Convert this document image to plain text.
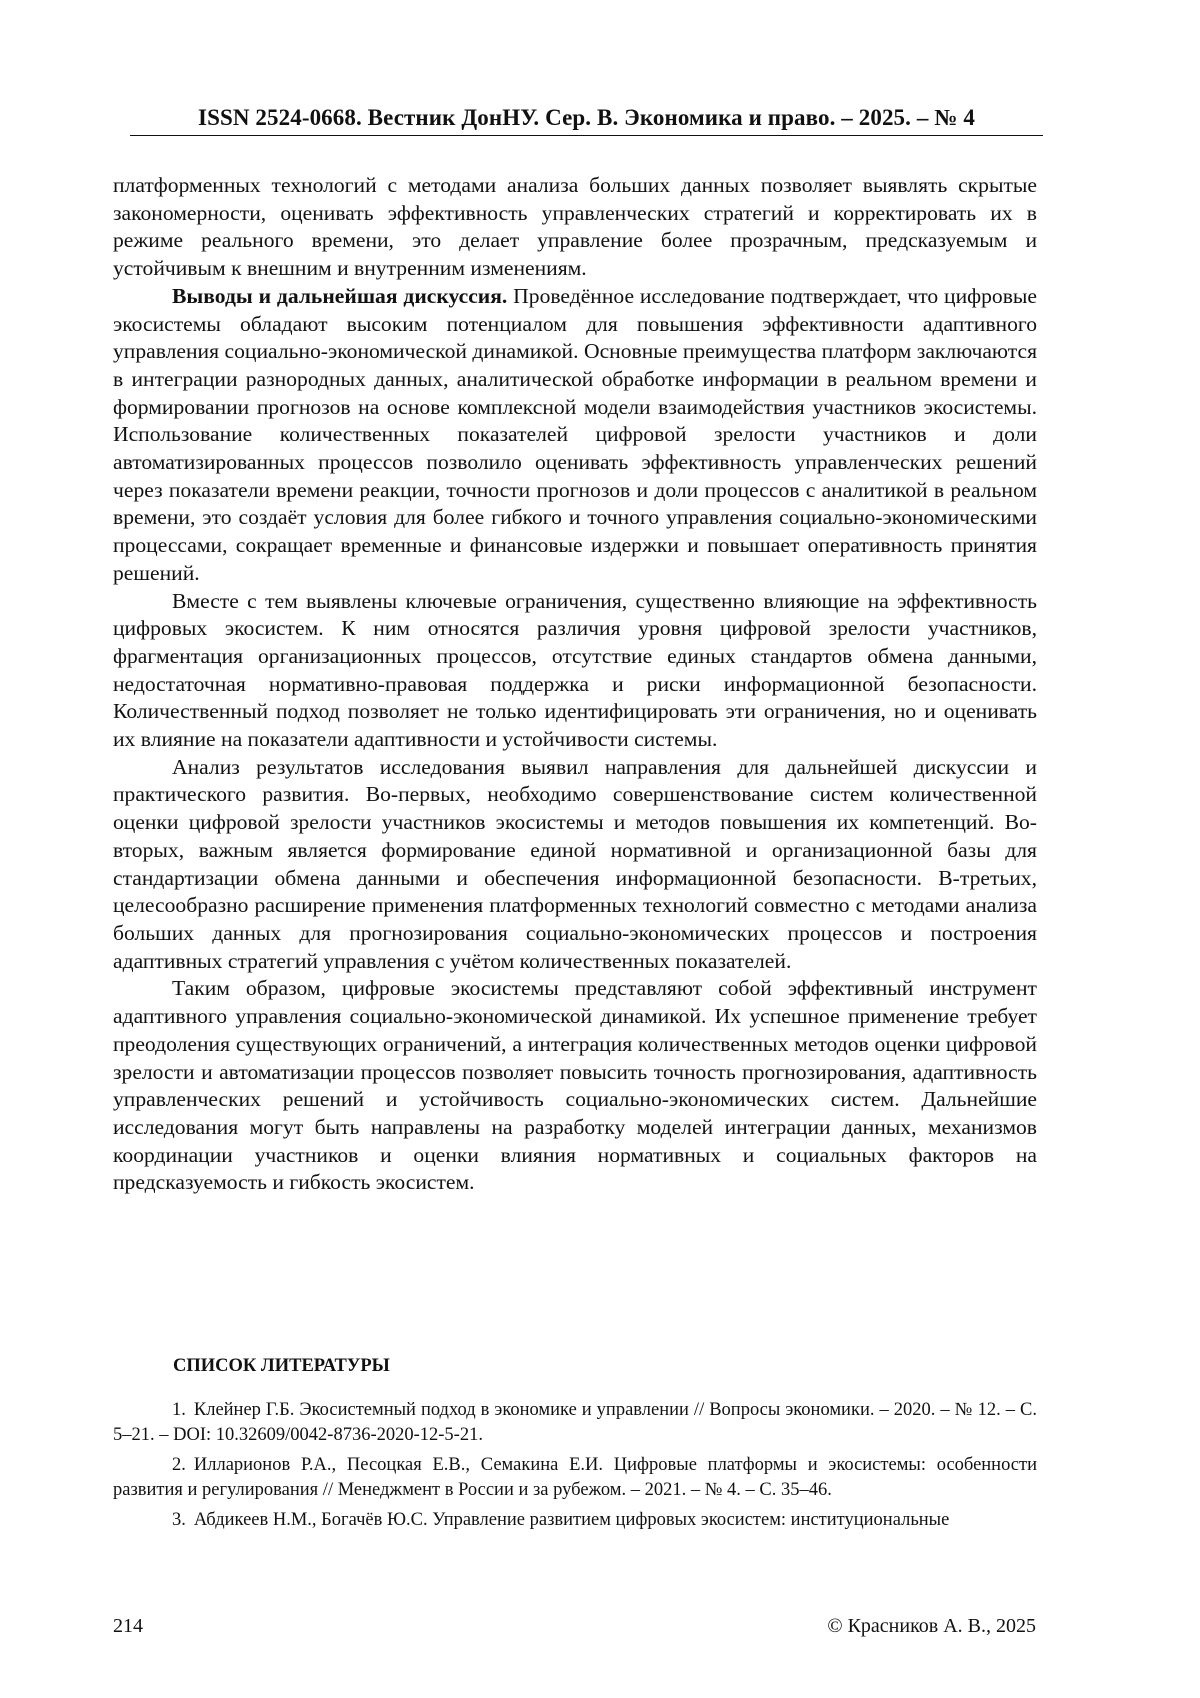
ISSN 2524-0668. Вестник ДонНУ. Сер. В. Экономика и право. – 2025. – № 4

платформенных технологий с методами анализа больших данных позволяет выявлять скрытые закономерности, оценивать эффективность управленческих стратегий и корректировать их в режиме реального времени, это делает управление более прозрачным, предсказуемым и устойчивым к внешним и внутренним изменениям.

Выводы и дальнейшая дискуссия. Проведённое исследование подтверждает, что цифровые экосистемы обладают высоким потенциалом для повышения эффективности адаптивного управления социально-экономической динамикой. Основные преимущества платформ заключаются в интеграции разнородных данных, аналитической обработке информации в реальном времени и формировании прогнозов на основе комплексной модели взаимодействия участников экосистемы. Использование количественных показателей цифровой зрелости участников и доли автоматизированных процессов позволило оценивать эффективность управленческих решений через показатели времени реакции, точности прогнозов и доли процессов с аналитикой в реальном времени, это создаёт условия для более гибкого и точного управления социально-экономическими процессами, сокращает временные и финансовые издержки и повышает оперативность принятия решений.

Вместе с тем выявлены ключевые ограничения, существенно влияющие на эффективность цифровых экосистем. К ним относятся различия уровня цифровой зрелости участников, фрагментация организационных процессов, отсутствие единых стандартов обмена данными, недостаточная нормативно-правовая поддержка и риски информационной безопасности. Количественный подход позволяет не только идентифицировать эти ограничения, но и оценивать их влияние на показатели адаптивности и устойчивости системы.

Анализ результатов исследования выявил направления для дальнейшей дискуссии и практического развития. Во-первых, необходимо совершенствование систем количественной оценки цифровой зрелости участников экосистемы и методов повышения их компетенций. Во-вторых, важным является формирование единой нормативной и организационной базы для стандартизации обмена данными и обеспечения информационной безопасности. В-третьих, целесообразно расширение применения платформенных технологий совместно с методами анализа больших данных для прогнозирования социально-экономических процессов и построения адаптивных стратегий управления с учётом количественных показателей.

Таким образом, цифровые экосистемы представляют собой эффективный инструмент адаптивного управления социально-экономической динамикой. Их успешное применение требует преодоления существующих ограничений, а интеграция количественных методов оценки цифровой зрелости и автоматизации процессов позволяет повысить точность прогнозирования, адаптивность управленческих решений и устойчивость социально-экономических систем. Дальнейшие исследования могут быть направлены на разработку моделей интеграции данных, механизмов координации участников и оценки влияния нормативных и социальных факторов на предсказуемость и гибкость экосистем.

СПИСОК ЛИТЕРАТУРЫ

1. Клейнер Г.Б. Экосистемный подход в экономике и управлении // Вопросы экономики. – 2020. – № 12. – С. 5–21. – DOI: 10.32609/0042-8736-2020-12-5-21.

2. Илларионов Р.А., Песоцкая Е.В., Семакина Е.И. Цифровые платформы и экосистемы: особенности развития и регулирования // Менеджмент в России и за рубежом. – 2021. – № 4. – С. 35–46.

3. Абдикеев Н.М., Богачёв Ю.С. Управление развитием цифровых экосистем: институциональные

214	© Красников А. В., 2025
